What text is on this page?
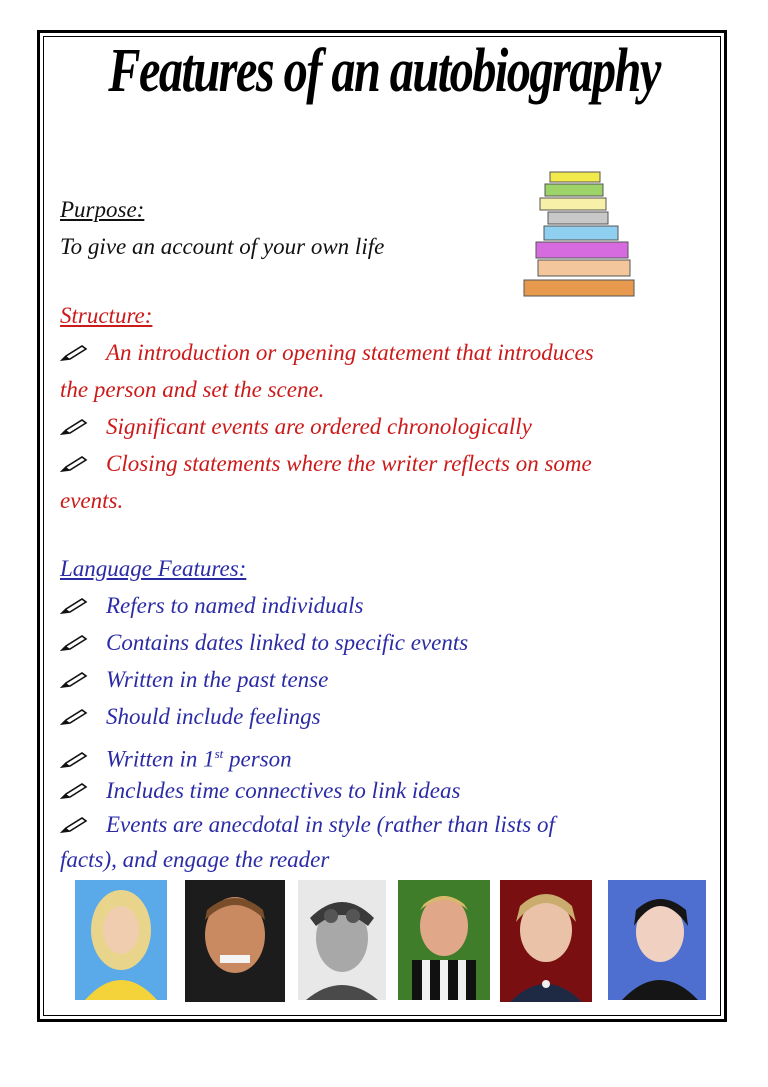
Features of an autobiography
Purpose:
To give an account of your own life
Structure:
An introduction or opening statement that introduces
the person and set the scene.
Significant events are ordered chronologically
Closing statements where the writer reflects on some
events.
Language Features:
Refers to named individuals
Contains dates linked to specific events
Written in the past tense
Should include feelings
Written in 1st person
Includes time connectives to link ideas
Events are anecdotal in style (rather than lists of
facts), and engage the reader
